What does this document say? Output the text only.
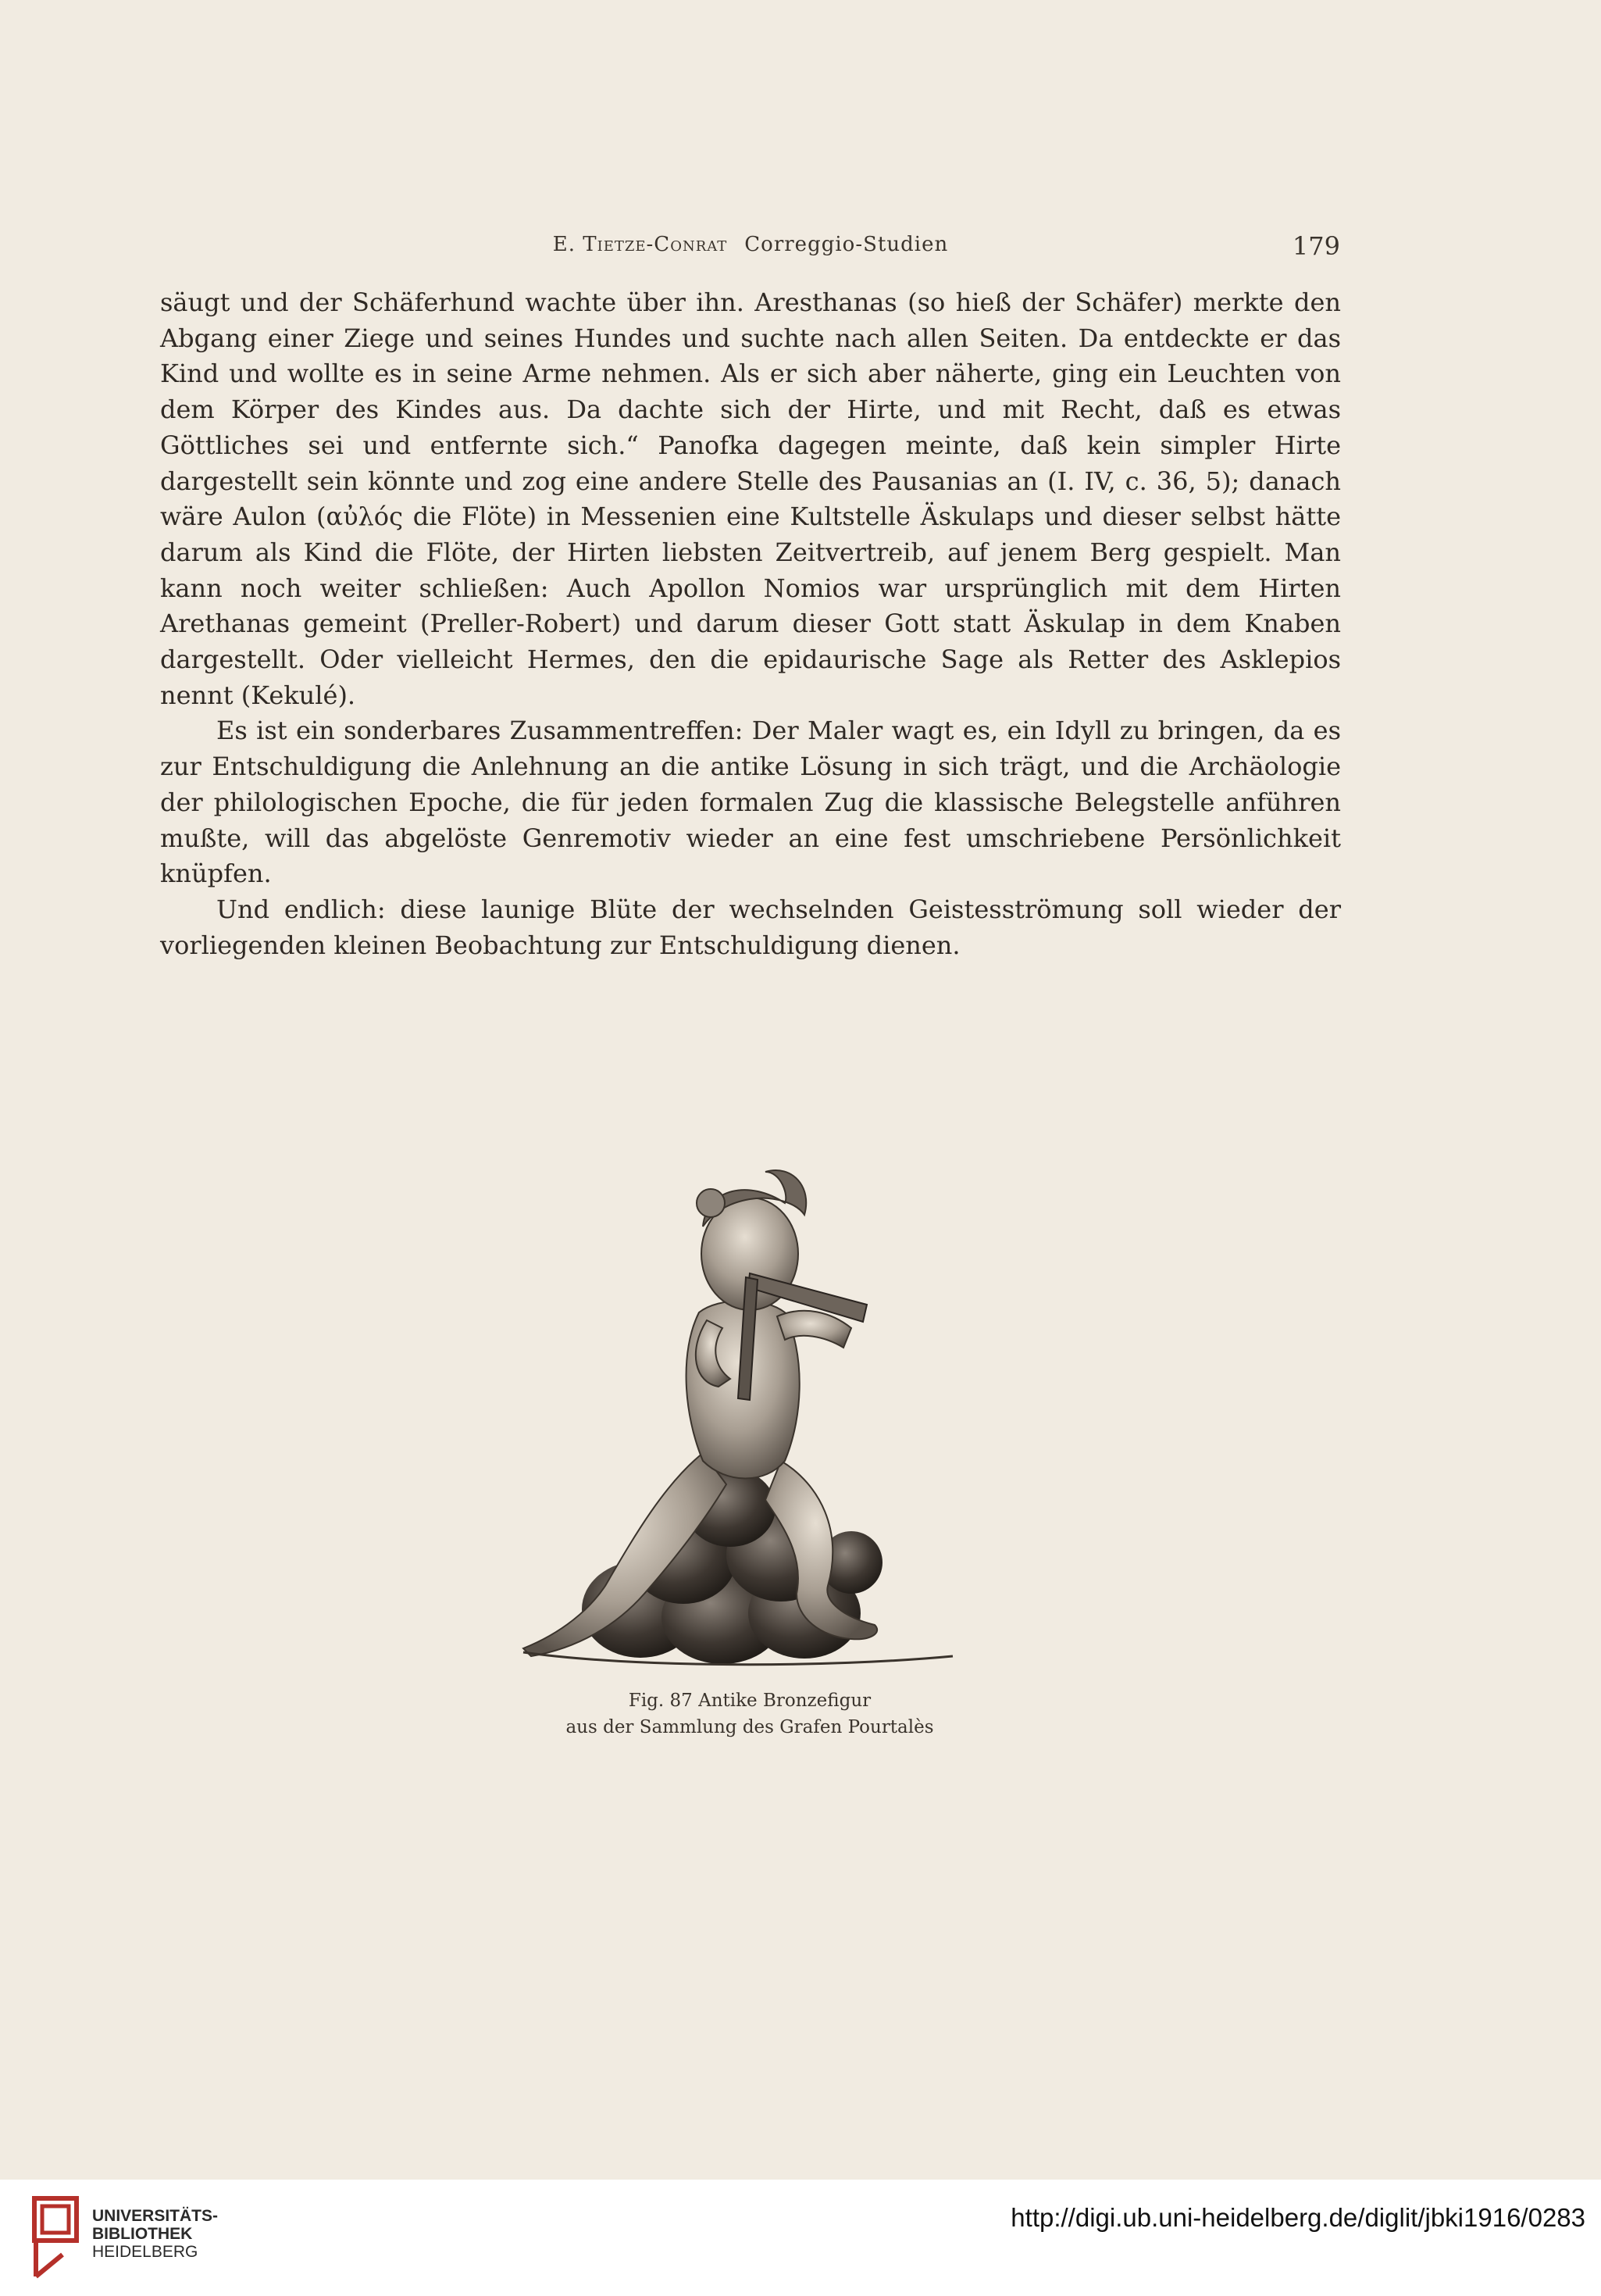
E. Tietze-Conrat Correggio-Studien	179

säugt und der Schäferhund wachte über ihn. Aresthanas (so hieß der Schäfer) merkte den Abgang einer Ziege und seines Hundes und suchte nach allen Seiten. Da entdeckte er das Kind und wollte es in seine Arme nehmen. Als er sich aber näherte, ging ein Leuchten von dem Körper des Kindes aus. Da dachte sich der Hirte, und mit Recht, daß es etwas Göttliches sei und entfernte sich.“ Panofka dagegen meinte, daß kein simpler Hirte dargestellt sein könnte und zog eine andere Stelle des Pausanias an (I. IV, c. 36, 5); danach wäre Aulon (αὐλός die Flöte) in Messenien eine Kultstelle Äskulaps und dieser selbst hätte darum als Kind die Flöte, der Hirten liebsten Zeitvertreib, auf jenem Berg gespielt. Man kann noch weiter schließen: Auch Apollon Nomios war ursprünglich mit dem Hirten Arethanas gemeint (Preller-Robert) und darum dieser Gott statt Äskulap in dem Knaben dargestellt. Oder vielleicht Hermes, den die epidaurische Sage als Retter des Asklepios nennt (Kekulé).

Es ist ein sonderbares Zusammentreffen: Der Maler wagt es, ein Idyll zu bringen, da es zur Entschuldigung die Anlehnung an die antike Lösung in sich trägt, und die Archäologie der philologischen Epoche, die für jeden formalen Zug die klassische Belegstelle anführen mußte, will das abgelöste Genremotiv wieder an eine fest umschriebene Persönlichkeit knüpfen.

Und endlich: diese launige Blüte der wechselnden Geistesströmung soll wieder der vorliegenden kleinen Beobachtung zur Entschuldigung dienen.

Fig. 87 Antike Bronzefigur
aus der Sammlung des Grafen Pourtalès
UNIVERSITÄTS-
BIBLIOTHEK
HEIDELBERG
http://digi.ub.uni-heidelberg.de/diglit/jbki1916/0283
